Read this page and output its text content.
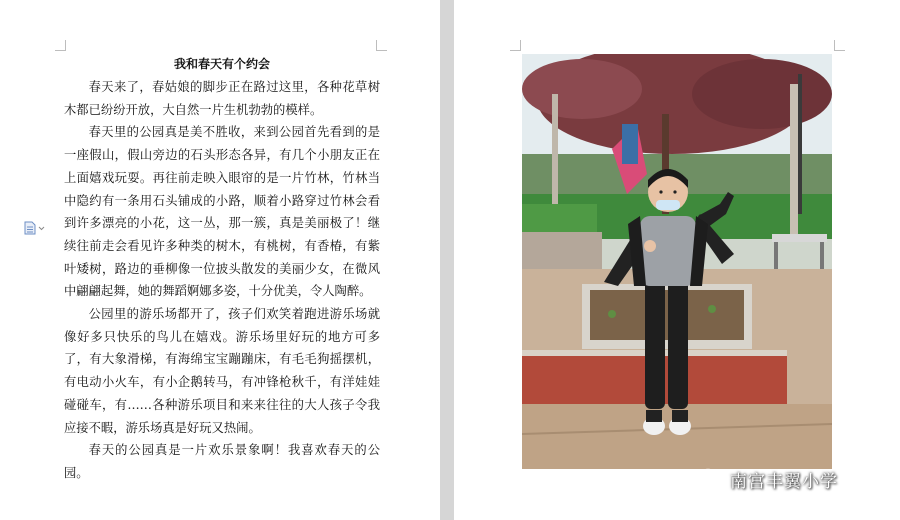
我和春天有个约会

春天来了，春姑娘的脚步正在路过这里，各种花草树木都已纷纷开放，大自然一片生机勃勃的模样。

春天里的公园真是美不胜收，来到公园首先看到的是一座假山，假山旁边的石头形态各异，有几个小朋友正在上面嬉戏玩耍。再往前走映入眼帘的是一片竹林，竹林当中隐约有一条用石头铺成的小路，顺着小路穿过竹林会看到许多漂亮的小花，这一丛，那一簇，真是美丽极了！继续往前走会看见许多种类的树木，有桃树，有香椿，有紫叶矮树，路边的垂柳像一位披头散发的美丽少女，在微风中翩翩起舞，她的舞蹈婀娜多姿，十分优美，令人陶醉。

公园里的游乐场都开了，孩子们欢笑着跑进游乐场就像好多只快乐的鸟儿在嬉戏。游乐场里好玩的地方可多了，有大象滑梯，有海绵宝宝蹦蹦床，有毛毛狗摇摆机，有电动小火车，有小企鹅转马，有冲锋枪秋千，有洋娃娃碰碰车，有……各种游乐项目和来来往往的大人孩子令我应接不暇，游乐场真是好玩又热闹。

春天的公园真是一片欢乐景象啊！我喜欢春天的公园。	南宫丰翼小学
